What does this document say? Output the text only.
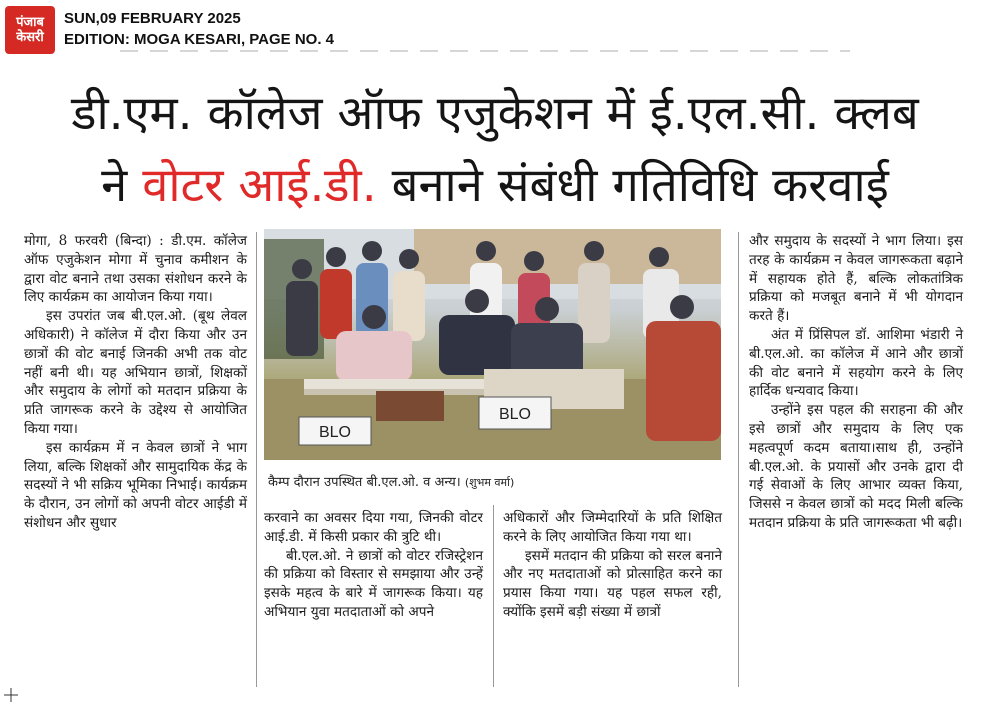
पंजाब
केसरी
SUN,09 FEBRUARY 2025
EDITION: MOGA KESARI, PAGE NO. 4
डी.एम. कॉलेज ऑफ एजुकेशन में ई.एल.सी. क्लब
ने वोटर आई.डी. बनाने संबंधी गतिविधि करवाई

मोगा, 8 फरवरी (बिन्दा) : डी.एम. कॉलेज ऑफ एजुकेशन मोगा में चुनाव कमीशन के द्वारा वोट बनाने तथा उसका संशोधन करने के लिए कार्यक्रम का आयोजन किया गया।

इस उपरांत जब बी.एल.ओ. (बूथ लेवल अधिकारी) ने कॉलेज में दौरा किया और उन छात्रों की वोट बनाई जिनकी अभी तक वोट नहीं बनी थी। यह अभियान छात्रों, शिक्षकों और समुदाय के लोगों को मतदान प्रक्रिया के प्रति जागरूक करने के उद्देश्य से आयोजित किया गया।

इस कार्यक्रम में न केवल छात्रों ने भाग लिया, बल्कि शिक्षकों और सामुदायिक केंद्र के सदस्यों ने भी सक्रिय भूमिका निभाई। कार्यक्रम के दौरान, उन लोगों को अपनी वोटर आईडी में संशोधन और सुधार

BLO
BLO
कैम्प दौरान उपस्थित बी.एल.ओ. व अन्य। (शुभम वर्मा)

करवाने का अवसर दिया गया, जिनकी वोटर आई.डी. में किसी प्रकार की त्रुटि थी।

बी.एल.ओ. ने छात्रों को वोटर रजिस्ट्रेशन की प्रक्रिया को विस्तार से समझाया और उन्हें इसके महत्व के बारे में जागरूक किया। यह अभियान युवा मतदाताओं को अपने

अधिकारों और जिम्मेदारियों के प्रति शिक्षित करने के लिए आयोजित किया गया था।

इसमें मतदान की प्रक्रिया को सरल बनाने और नए मतदाताओं को प्रोत्साहित करने का प्रयास किया गया। यह पहल सफल रही, क्योंकि इसमें बड़ी संख्या में छात्रों

और समुदाय के सदस्यों ने भाग लिया। इस तरह के कार्यक्रम न केवल जागरूकता बढ़ाने में सहायक होते हैं, बल्कि लोकतांत्रिक प्रक्रिया को मजबूत बनाने में भी योगदान करते हैं।

अंत में प्रिंसिपल डॉ. आशिमा भंडारी ने बी.एल.ओ. का कॉलेज में आने और छात्रों की वोट बनाने में सहयोग करने के लिए हार्दिक धन्यवाद किया।

उन्होंने इस पहल की सराहना की और इसे छात्रों और समुदाय के लिए एक महत्वपूर्ण कदम बताया।साथ ही, उन्होंने बी.एल.ओ. के प्रयासों और उनके द्वारा दी गई सेवाओं के लिए आभार व्यक्त किया, जिससे न केवल छात्रों को मदद मिली बल्कि मतदान प्रक्रिया के प्रति जागरूकता भी बढ़ी।
